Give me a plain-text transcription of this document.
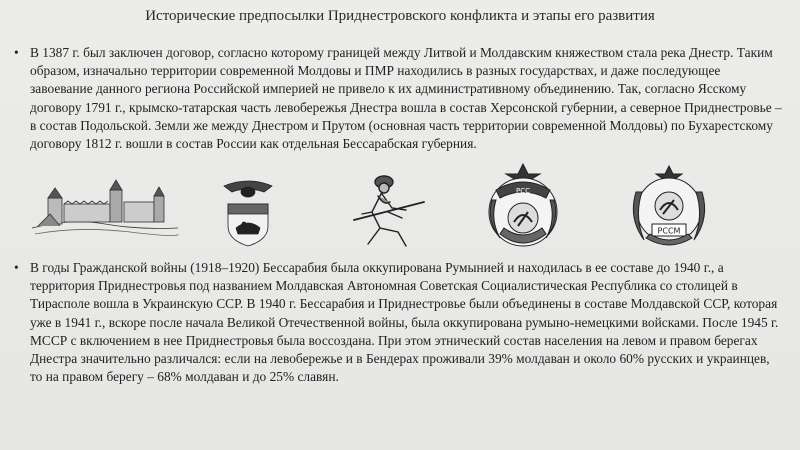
Исторические предпосылки Приднестровского конфликта и этапы его развития
• В 1387 г. был заключен договор, согласно которому границей между Литвой и Молдавским княжеством стала река Днестр. Таким образом, изначально территории современной Молдовы и ПМР находились в разных государствах, и даже последующее завоевание данного региона Российской империей не привело к их административному объединению. Так, согласно Ясскому договору 1791 г., крымско-татарская часть левобережья Днестра вошла в состав Херсонской губернии, а северное Приднестровье – в состав Подольской. Земли же между Днестром и Прутом (основная часть территории современной Молдовы) по Бухарестскому договору 1812 г. вошли в состав России как отдельная Бессарабская губерния.
РСС
РССМ
• В годы Гражданской войны (1918–1920) Бессарабия была оккупирована Румынией и находилась в ее составе до 1940 г., а территория Приднестровья под названием Молдавская Автономная Советская Социалистическая Республика со столицей в Тирасполе вошла в Украинскую ССР. В 1940 г. Бессарабия и Приднестровье были объединены в составе Молдавской ССР, которая уже в 1941 г., вскоре после начала Великой Отечественной войны, была оккупирована румыно-немецкими войсками. После 1945 г. МССР с включением в нее Приднестровья была воссоздана. При этом этнический состав населения на левом и правом берегах Днестра значительно различался: если на левобережье и в Бендерах проживали 39% молдаван и около 60% русских и украинцев, то на правом берегу – 68% молдаван и до 25% славян.
